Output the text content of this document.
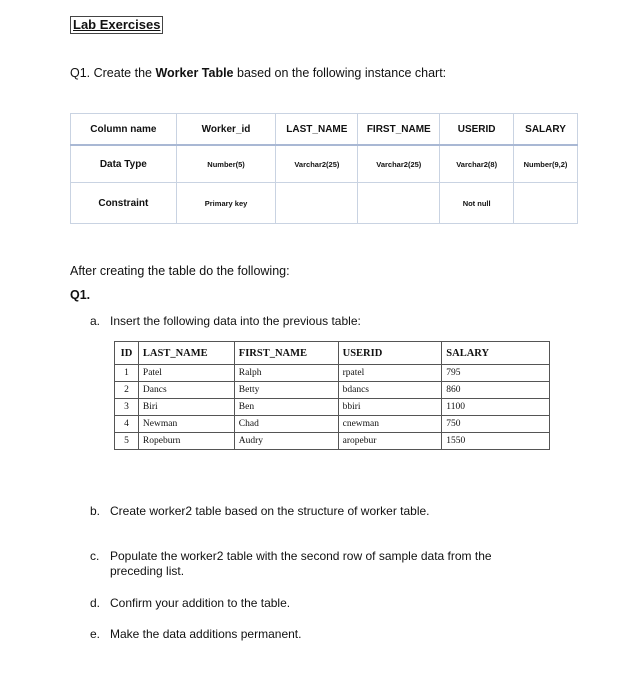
Lab Exercises
Q1. Create the Worker Table based on the following instance chart:
Column name	Worker_id	LAST_NAME	FIRST_NAME	USERID	SALARY
Data Type	Number(5)	Varchar2(25)	Varchar2(25)	Varchar2(8)	Number(9,2)
Constraint	Primary key			Not null	
After creating the table do the following:
Q1.
a. Insert the following data into the previous table:
ID	LAST_NAME	FIRST_NAME	USERID	SALARY
1	Patel	Ralph	rpatel	795
2	Dancs	Betty	bdancs	860
3	Biri	Ben	bbiri	1100
4	Newman	Chad	cnewman	750
5	Ropeburn	Audry	aropebur	1550
b. Create worker2 table based on the structure of worker table.
c. Populate the worker2 table with the second row of sample data from the
preceding list.
d. Confirm your addition to the table.
e. Make the data additions permanent.
